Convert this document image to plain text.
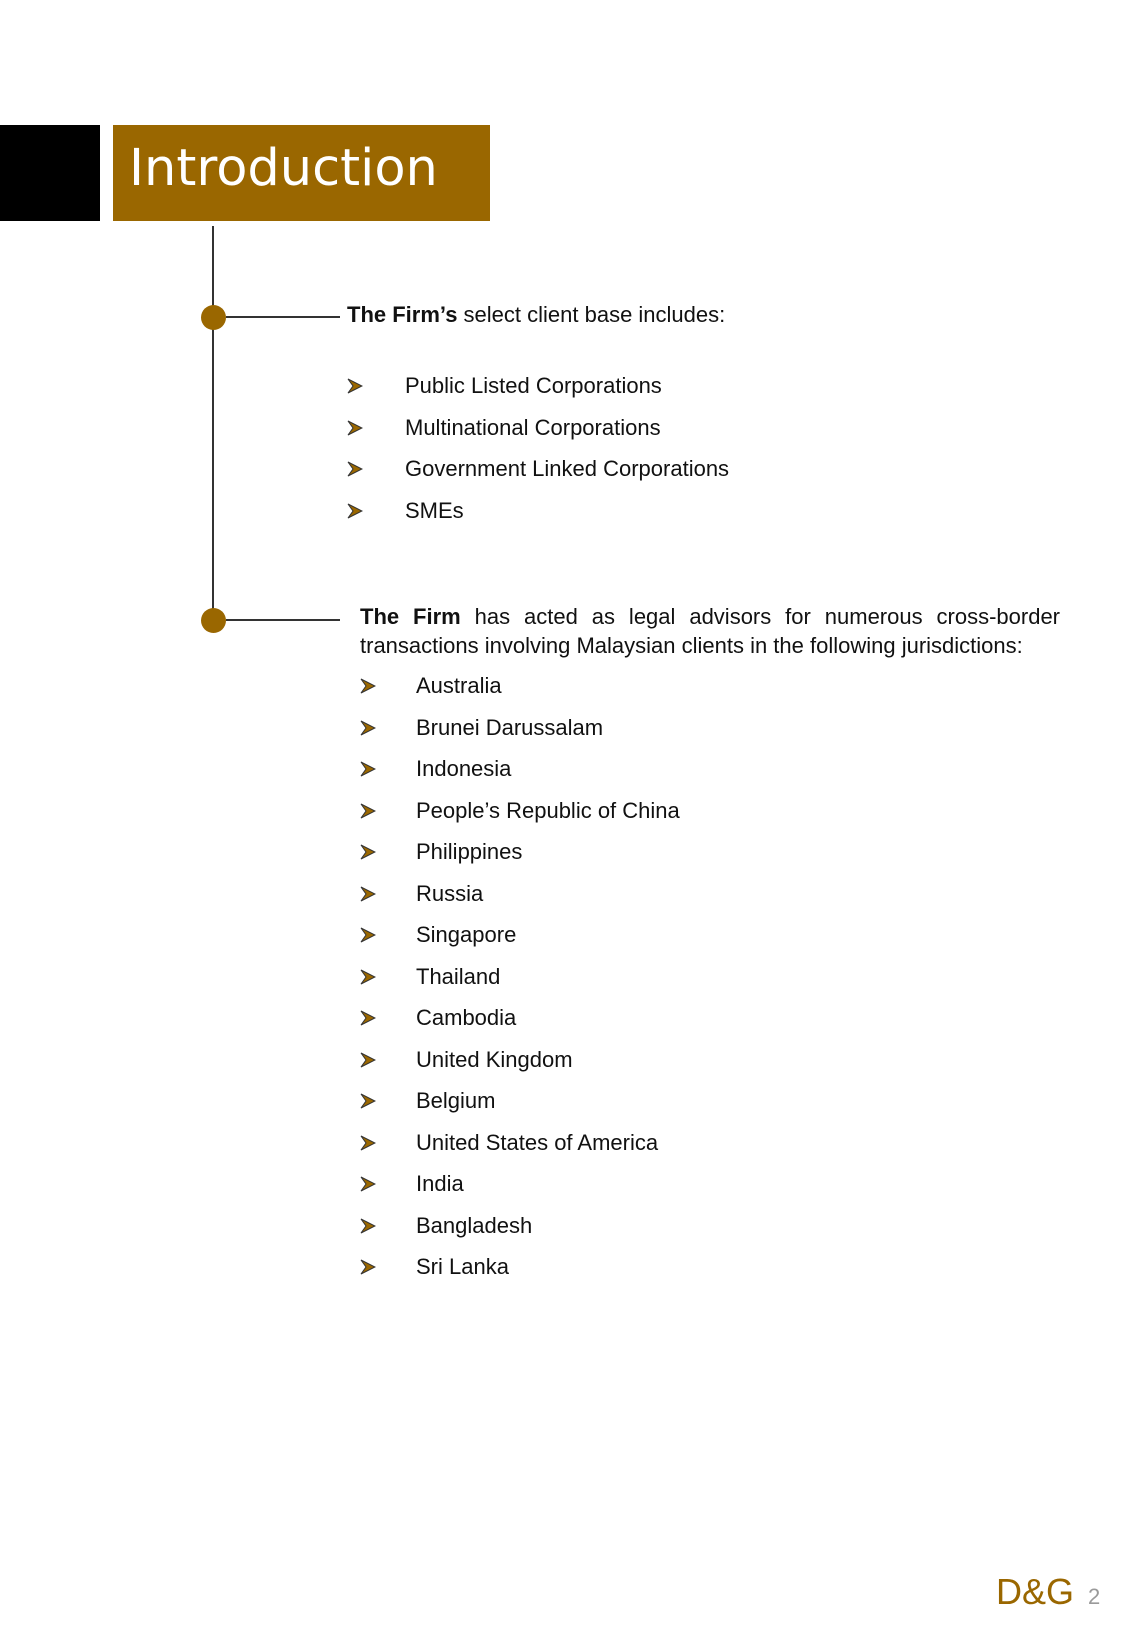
Introduction
The Firm’s select client base includes:
Public Listed Corporations
Multinational Corporations
Government Linked Corporations
SMEs
The Firm has acted as legal advisors for numerous cross-border transactions involving Malaysian clients in the following jurisdictions:
Australia
Brunei Darussalam
Indonesia
People’s Republic of China
Philippines
Russia
Singapore
Thailand
Cambodia
United Kingdom
Belgium
United States of America
India
Bangladesh
Sri Lanka
D&G 2
